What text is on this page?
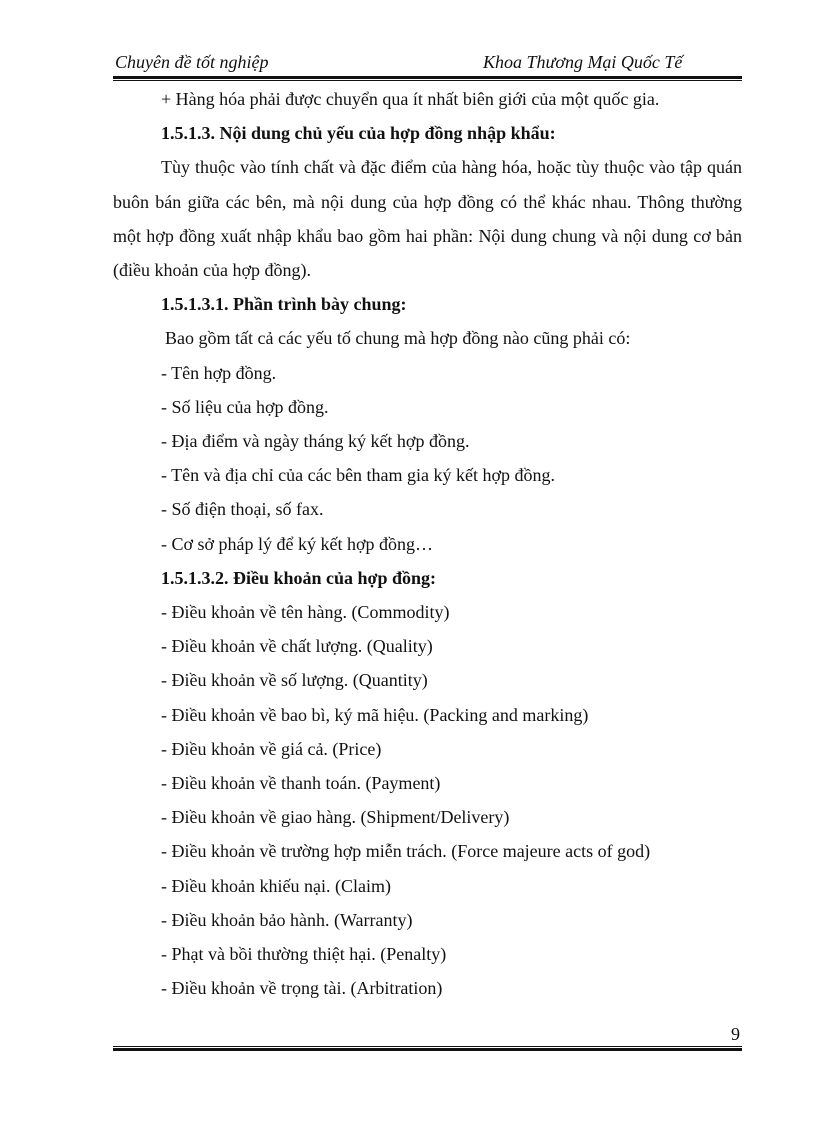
Chuyên đề tốt nghiệp	Khoa Thương Mại Quốc Tế

+ Hàng hóa phải được chuyển qua ít nhất biên giới của một quốc gia.

1.5.1.3. Nội dung chủ yếu của hợp đồng nhập khẩu:

Tùy thuộc vào tính chất và đặc điểm của hàng hóa, hoặc tùy thuộc vào tập quán buôn bán giữa các bên, mà nội dung của hợp đồng có thể khác nhau. Thông thường một hợp đồng xuất nhập khẩu bao gồm hai phần: Nội dung chung và nội dung cơ bản (điều khoản của hợp đồng).

1.5.1.3.1. Phần trình bày chung:

Bao gồm tất cả các yếu tố chung mà hợp đồng nào cũng phải có:

- Tên hợp đồng.

- Số liệu của hợp đồng.

- Địa điểm và ngày tháng ký kết hợp đồng.

- Tên và địa chỉ của các bên tham gia ký kết hợp đồng.

- Số điện thoại, số fax.

- Cơ sở pháp lý để ký kết hợp đồng…

1.5.1.3.2. Điều khoản của hợp đồng:

- Điều khoản về tên hàng. (Commodity)

- Điều khoản về chất lượng. (Quality)

- Điều khoản về số lượng. (Quantity)

- Điều khoản về bao bì, ký mã hiệu. (Packing and marking)

- Điều khoản về giá cả. (Price)

- Điều khoản về thanh toán. (Payment)

- Điều khoản về giao hàng. (Shipment/Delivery)

- Điều khoản về trường hợp miễn trách. (Force majeure acts of god)

- Điều khoản khiếu nại. (Claim)

- Điều khoản bảo hành. (Warranty)

- Phạt và bồi thường thiệt hại. (Penalty)

- Điều khoản về trọng tài. (Arbitration)

9
